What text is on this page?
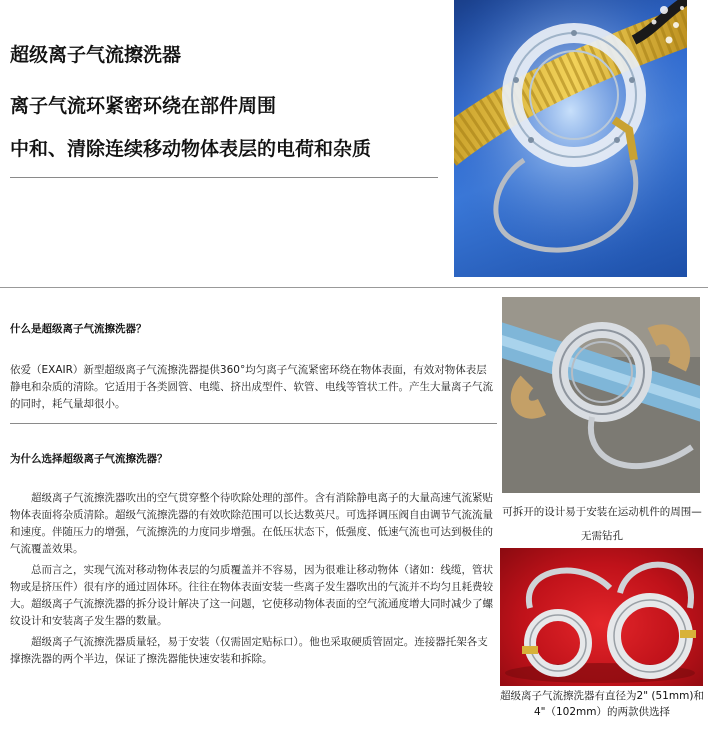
超级离子气流擦洗器
离子气流环紧密环绕在部件周围
中和、清除连续移动物体表层的电荷和杂质
什么是超级离子气流擦洗器？

依爱（EXAIR）新型超级离子气流擦洗器提供360°均匀离子气流紧密环绕在物体表面，有效对物体表层静电和杂质的清除。它适用于各类圆管、电缆、挤出成型件、软管、电线等管状工件。产生大量离子气流的同时，耗气量却很小。

为什么选择超级离子气流擦洗器？

超级离子气流擦洗器吹出的空气贯穿整个待吹除处理的部件。含有消除静电离子的大量高速气流紧贴物体表面将杂质清除。超级气流擦洗器的有效吹除范围可以长达数英尺。可选择调压阀自由调节气流流量和速度。伴随压力的增强，气流擦洗的力度同步增强。在低压状态下，低强度、低速气流也可达到极佳的气流覆盖效果。

总而言之，实现气流对移动物体表层的匀质覆盖并不容易，因为很难让移动物体（诸如：线缆，管状物或是挤压件）很有序的通过固体环。往往在物体表面安装一些离子发生器吹出的气流并不均匀且耗费较大。超级离子气流擦洗器的拆分设计解决了这一问题，它使移动物体表面的空气流通度增大同时减少了螺纹设计和安装离子发生器的数量。

超级离子气流擦洗器质量轻，易于安装（仅需固定贴标口）。他也采取硬质管固定。连接器托架各支撑擦洗器的两个半边，保证了擦洗器能快速安装和拆除。

可拆开的设计易于安装在运动机件的周围—无需钻孔

超级离子气流擦洗器有直径为2" (51mm)和4"（102mm）的两款供选择
